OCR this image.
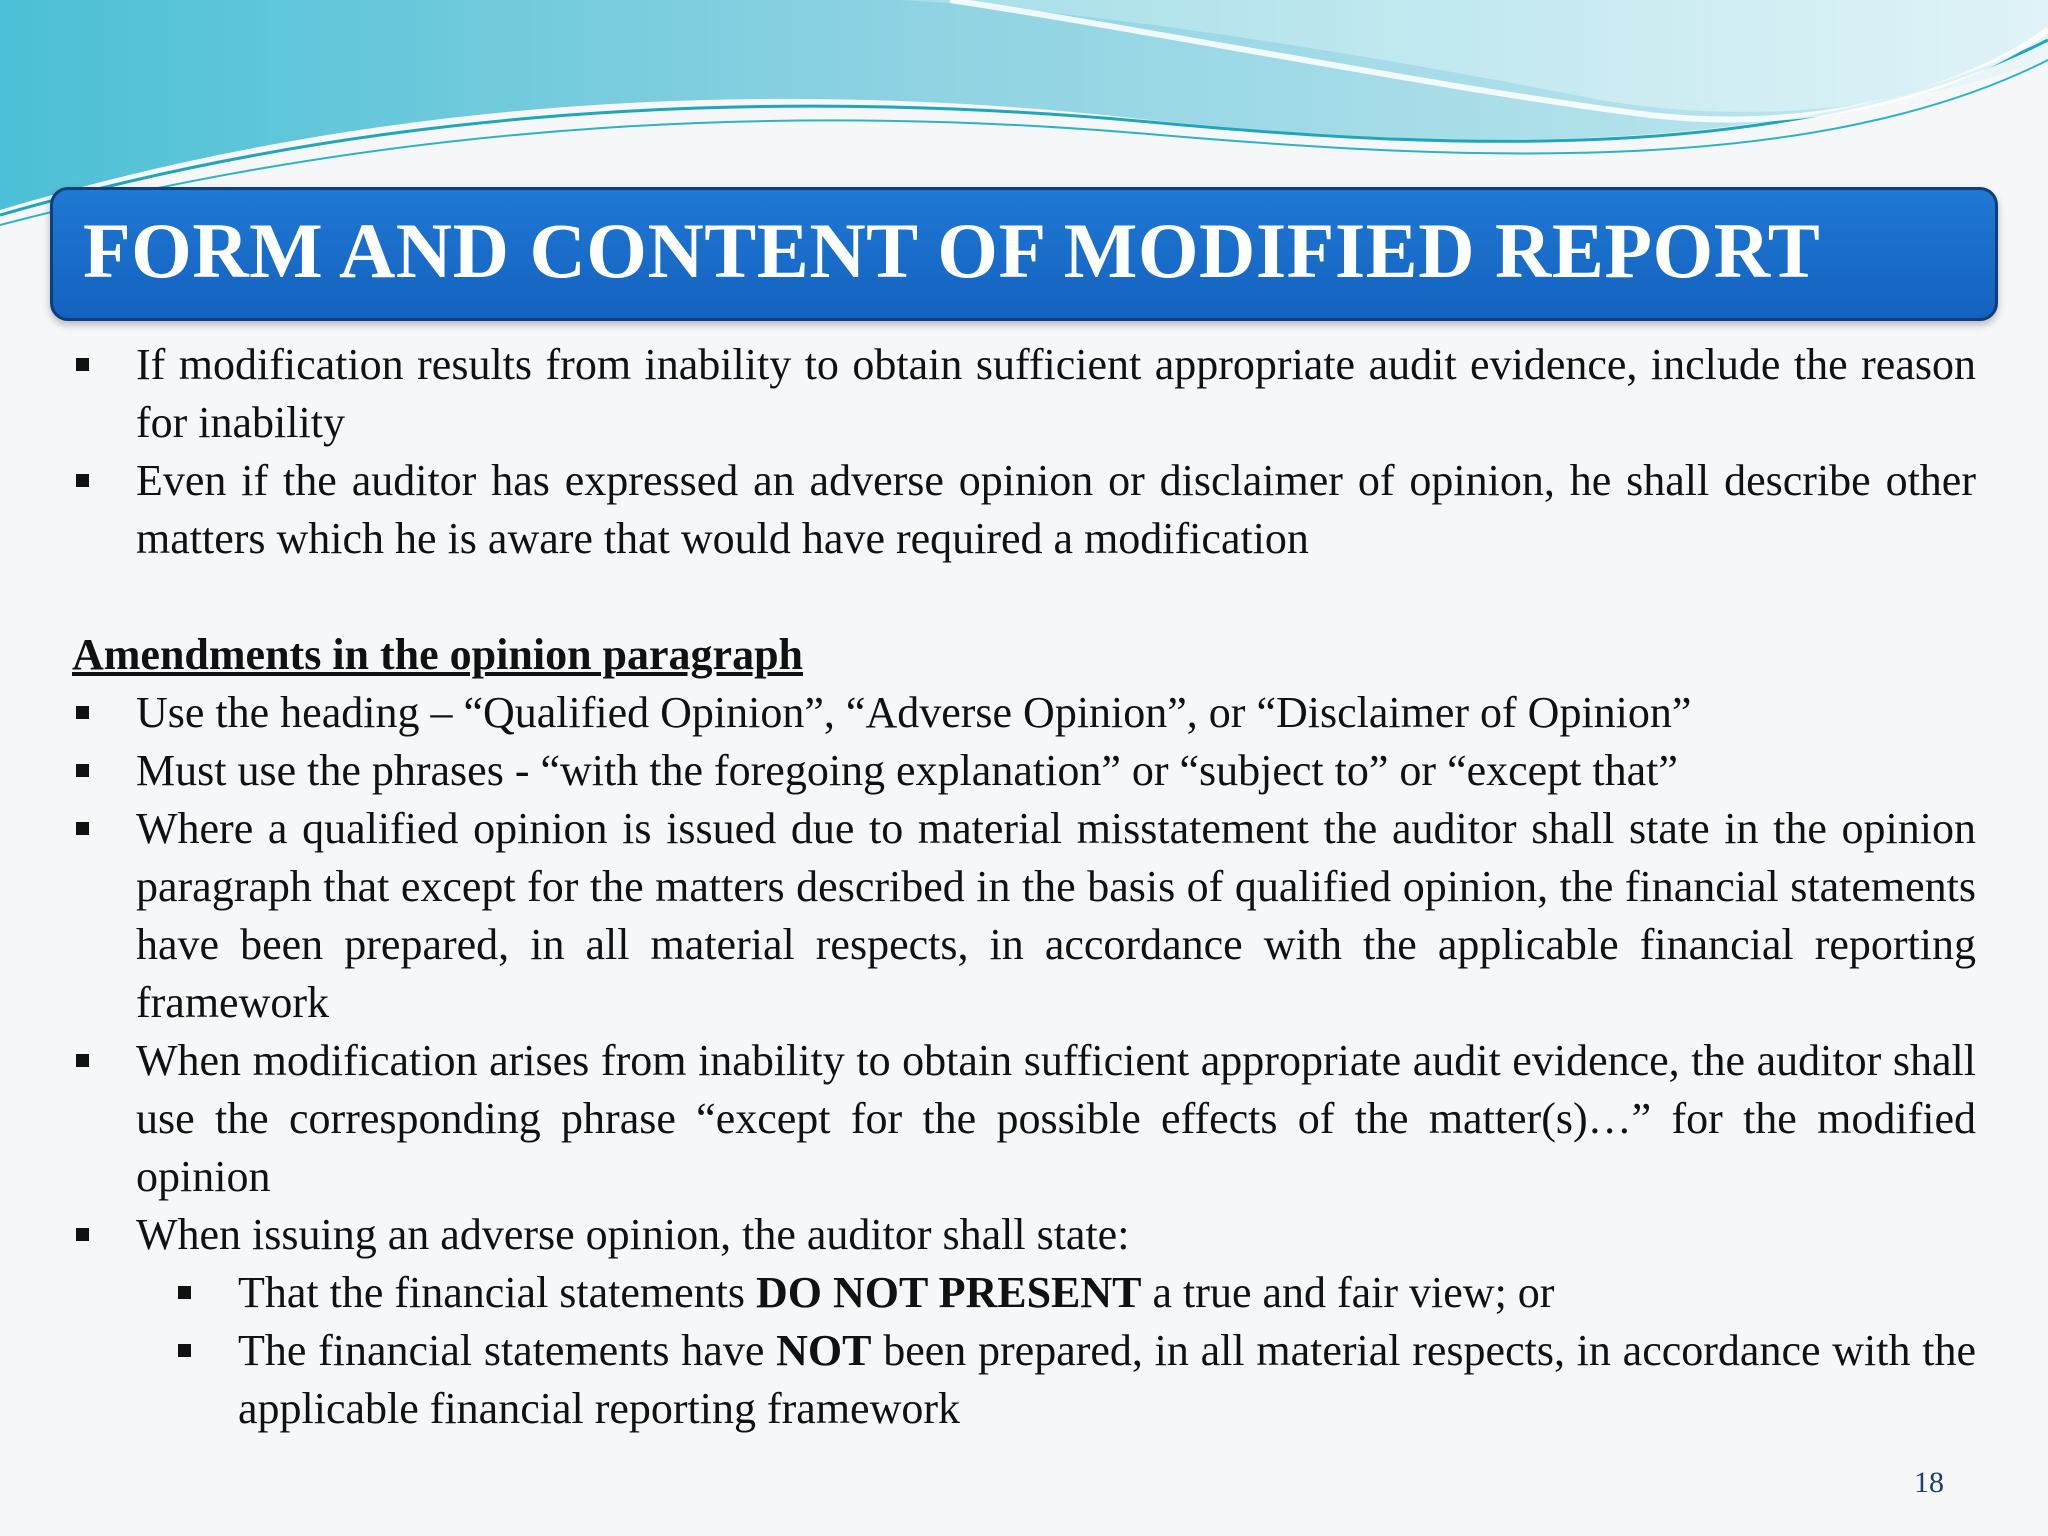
FORM AND CONTENT OF MODIFIED REPORT
If modification results from inability to obtain sufficient appropriate audit evidence, include the reason for inability
Even if the auditor has expressed an adverse opinion or disclaimer of opinion, he shall describe other matters which he is aware that would have required a modification

Amendments in the opinion paragraph

Use the heading – “Qualified Opinion”, “Adverse Opinion”, or “Disclaimer of Opinion”
Must use the phrases - “with the foregoing explanation” or “subject to” or “except that”
Where a qualified opinion is issued due to material misstatement the auditor shall state in the opinion paragraph that except for the matters described in the basis of qualified opinion, the financial statements have been prepared, in all material respects, in accordance with the applicable financial reporting framework
When modification arises from inability to obtain sufficient appropriate audit evidence, the auditor shall use the corresponding phrase “except for the possible effects of the matter(s)…” for the modified opinion
When issuing an adverse opinion, the auditor shall state:
That the financial statements DO NOT PRESENT a true and fair view; or
The financial statements have NOT been prepared, in all material respects, in accordance with the applicable financial reporting framework
18
